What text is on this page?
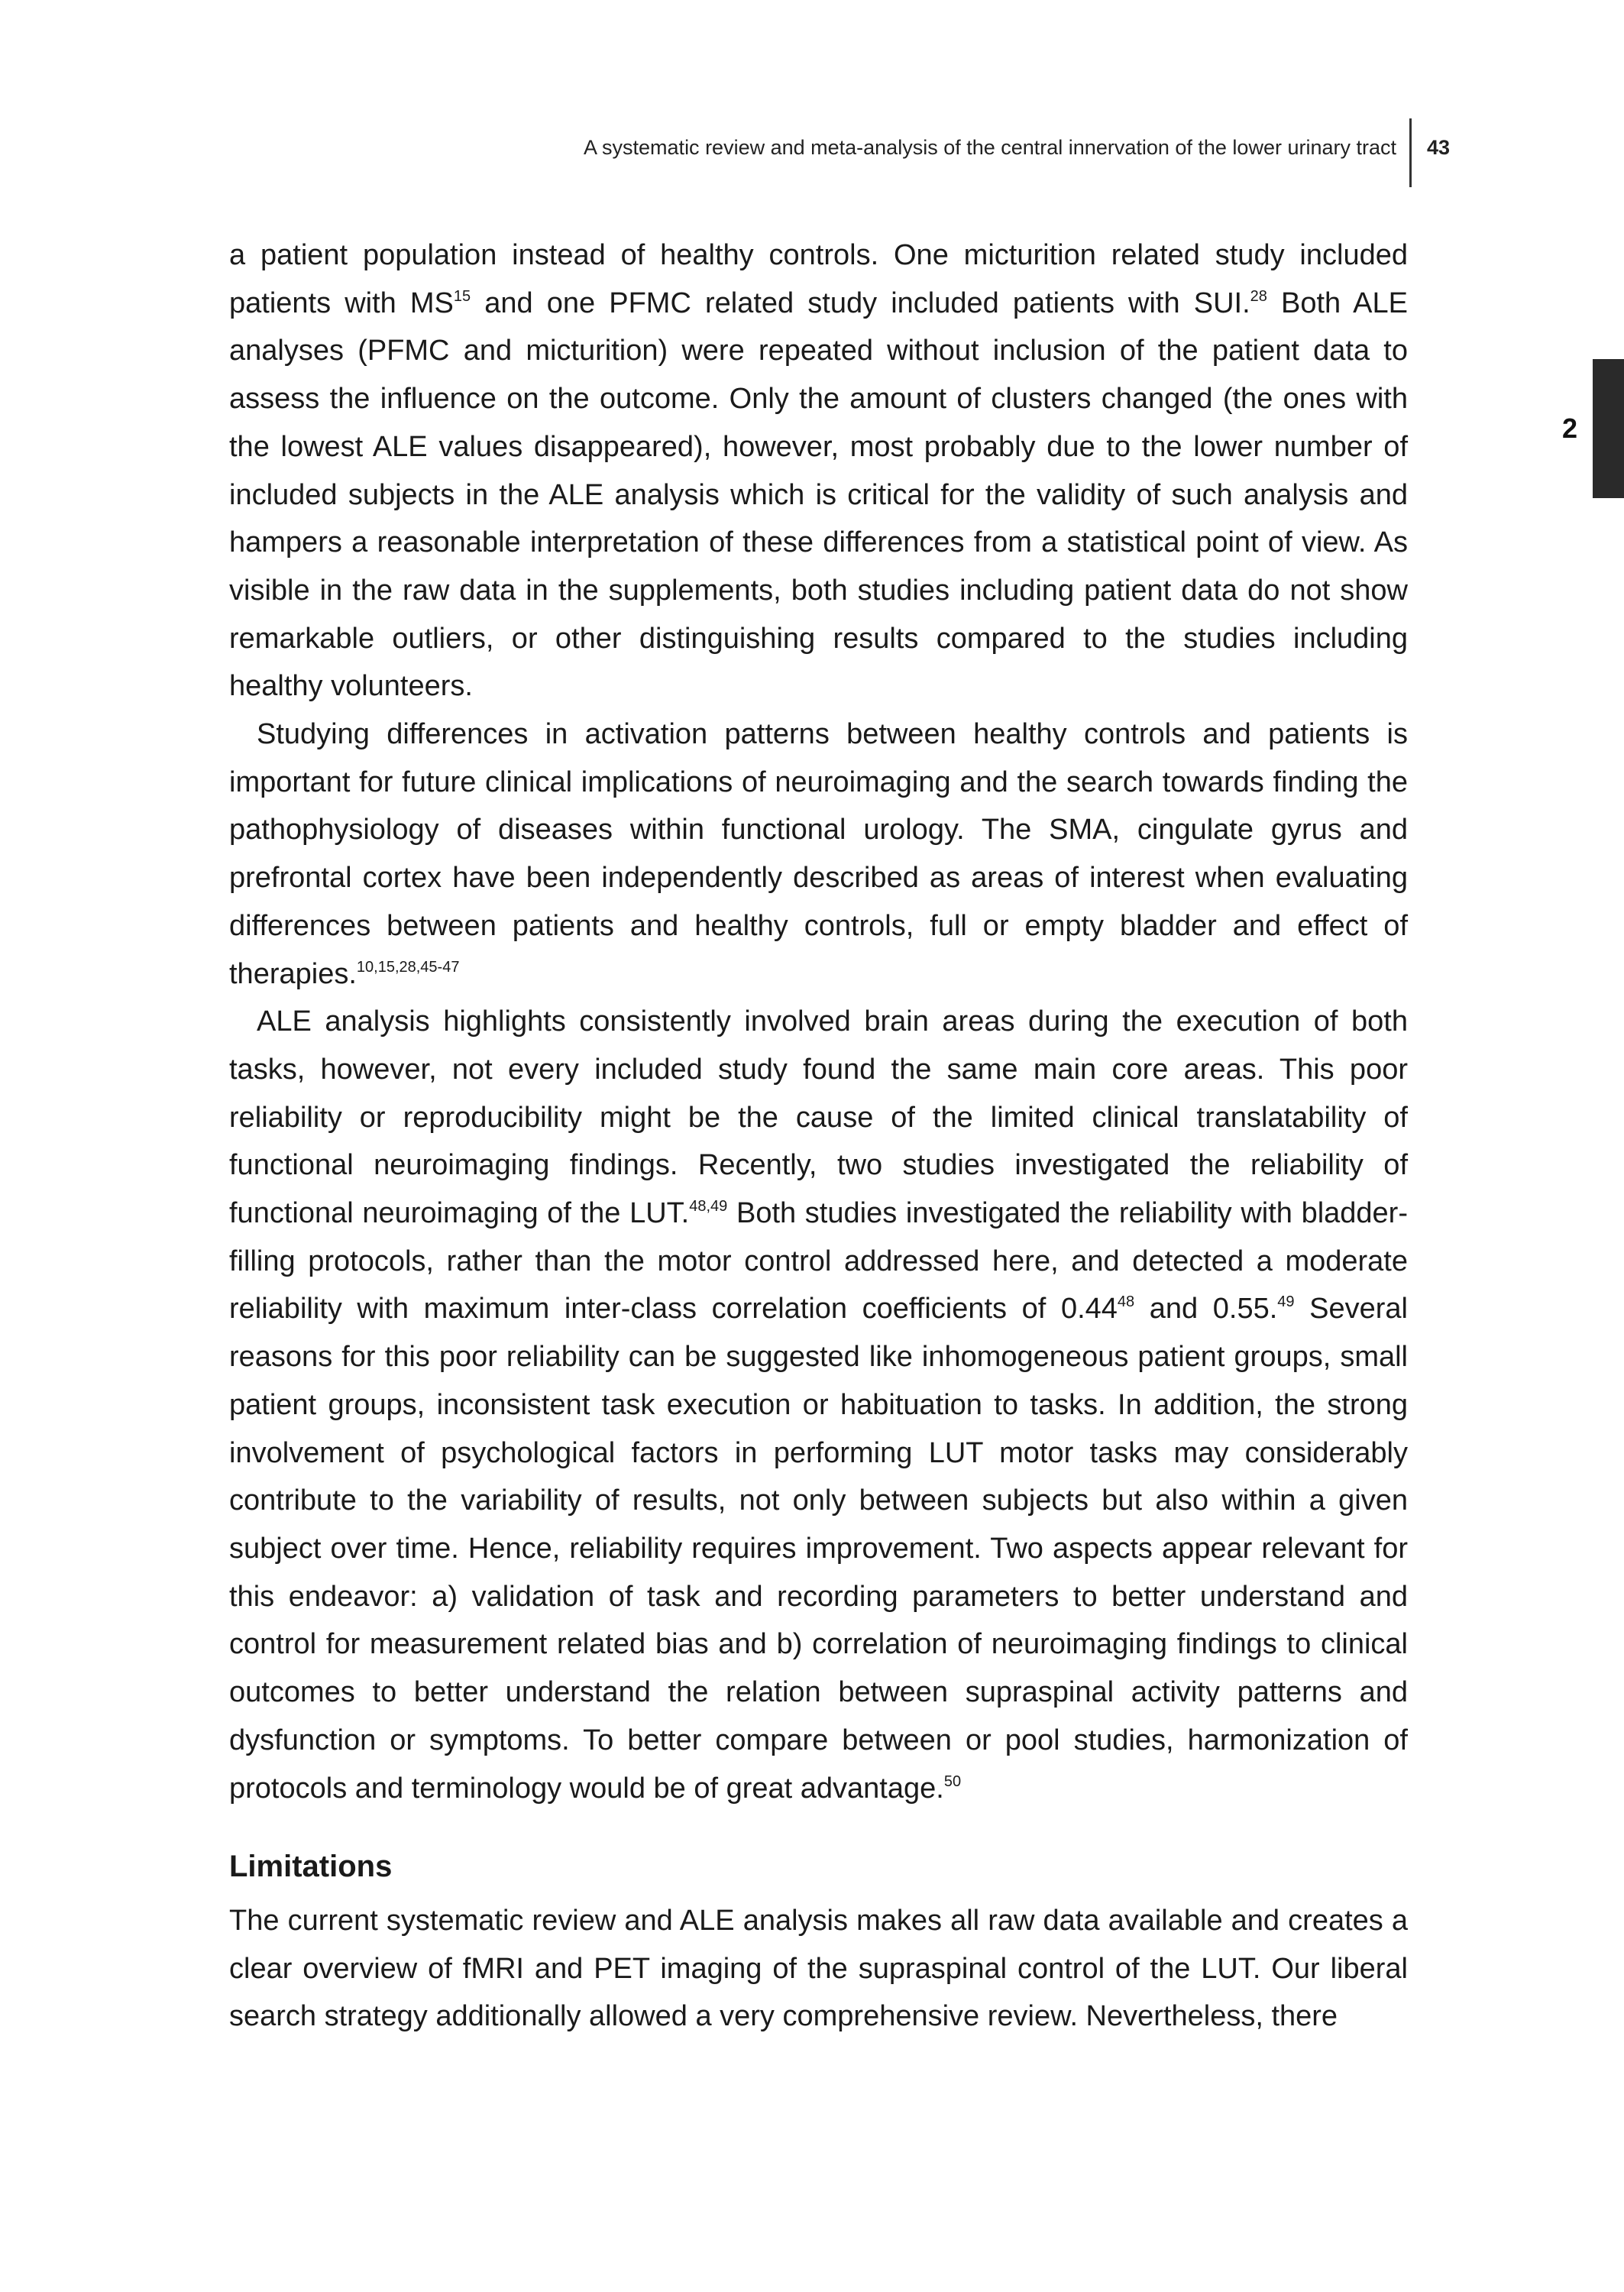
A systematic review and meta-analysis of the central innervation of the lower urinary tract 43
2

a patient population instead of healthy controls. One micturition related study included patients with MS$^{15}$ and one PFMC related study included patients with SUI.$^{28}$ Both ALE analyses (PFMC and micturition) were repeated without inclusion of the patient data to assess the influence on the outcome. Only the amount of clusters changed (the ones with the lowest ALE values disappeared), however, most probably due to the lower number of included subjects in the ALE analysis which is critical for the validity of such analysis and hampers a reasonable interpretation of these differences from a statistical point of view. As visible in the raw data in the supplements, both studies including patient data do not show remarkable outliers, or other distinguishing results compared to the studies including healthy volunteers.

Studying differences in activation patterns between healthy controls and patients is important for future clinical implications of neuroimaging and the search towards finding the pathophysiology of diseases within functional urology. The SMA, cingulate gyrus and prefrontal cortex have been independently described as areas of interest when evaluating differences between patients and healthy controls, full or empty bladder and effect of therapies.$^{10,15,28,45-47}$

ALE analysis highlights consistently involved brain areas during the execution of both tasks, however, not every included study found the same main core areas. This poor reliability or reproducibility might be the cause of the limited clinical translatability of functional neuroimaging findings. Recently, two studies investigated the reliability of functional neuroimaging of the LUT.$^{48,49}$ Both studies investigated the reliability with bladder-filling protocols, rather than the motor control addressed here, and detected a moderate reliability with maximum inter-class correlation coefficients of 0.44$^{48}$ and 0.55.49 Several reasons for this poor reliability can be suggested like inhomogeneous patient groups, small patient groups, inconsistent task execution or habituation to tasks. In addition, the strong involvement of psychological factors in performing LUT motor tasks may considerably contribute to the variability of results, not only between subjects but also within a given subject over time. Hence, reliability requires improvement. Two aspects appear relevant for this endeavor: a) validation of task and recording parameters to better understand and control for measurement related bias and b) correlation of neuroimaging findings to clinical outcomes to better understand the relation between supraspinal activity patterns and dysfunction or symptoms. To better compare between or pool studies, harmonization of protocols and terminology would be of great advantage.$^{50}$

Limitations

The current systematic review and ALE analysis makes all raw data available and creates a clear overview of fMRI and PET imaging of the supraspinal control of the LUT. Our liberal search strategy additionally allowed a very comprehensive review. Nevertheless, there
